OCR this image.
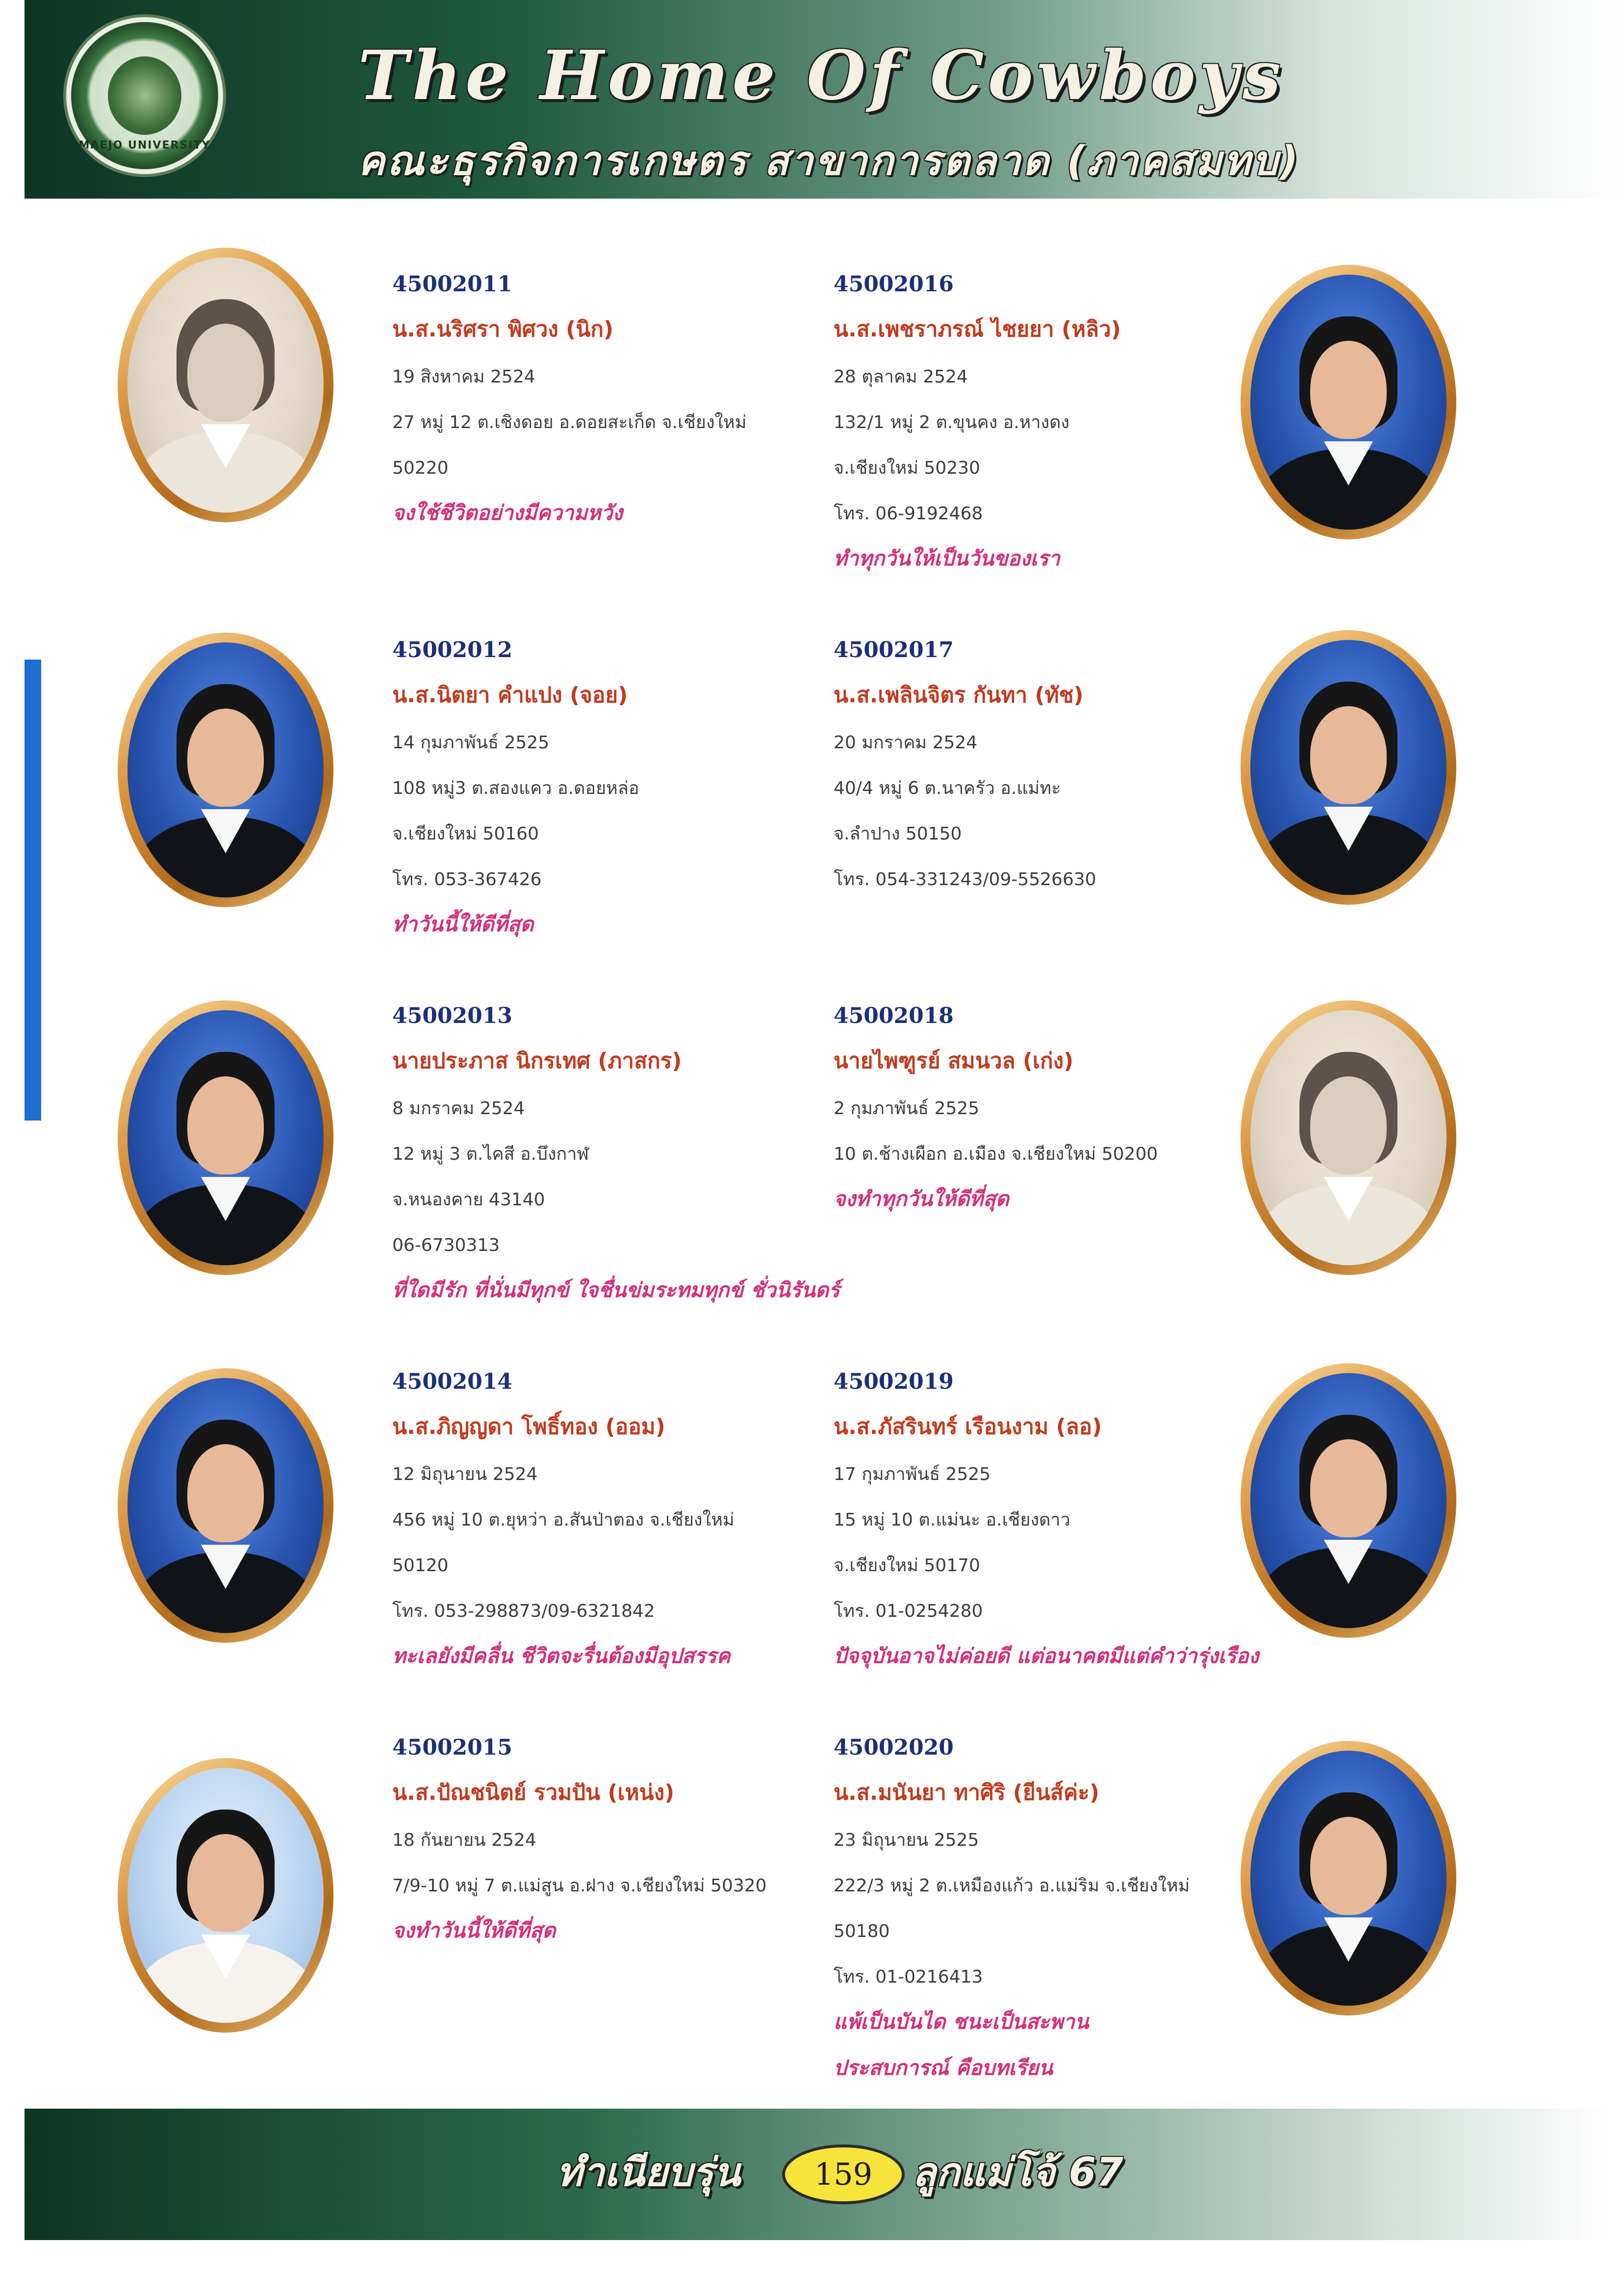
MAEJO UNIVERSITY
The Home Of Cowboys
คณะธุรกิจการเกษตร สาขาการตลาด (ภาคสมทบ)
45002011
น.ส.นริศรา พิศวง (นิก)
19 สิงหาคม 2524
27 หมู่ 12 ต.เชิงดอย อ.ดอยสะเก็ด จ.เชียงใหม่
50220
จงใช้ชีวิตอย่างมีความหวัง
45002016
น.ส.เพชราภรณ์ ไชยยา (หลิว)
28 ตุลาคม 2524
132/1 หมู่ 2 ต.ขุนคง อ.หางดง
จ.เชียงใหม่ 50230
โทร. 06-9192468
ทำทุกวันให้เป็นวันของเรา
45002012
น.ส.นิตยา คำแปง (จอย)
14 กุมภาพันธ์ 2525
108 หมู่3 ต.สองแคว อ.ดอยหล่อ
จ.เชียงใหม่ 50160
โทร. 053-367426
ทำวันนี้ให้ดีที่สุด
45002017
น.ส.เพลินจิตร กันทา (ทัช)
20 มกราคม 2524
40/4 หมู่ 6 ต.นาครัว อ.แม่ทะ
จ.ลำปาง 50150
โทร. 054-331243/09-5526630
45002013
นายประภาส นิกรเทศ (ภาสกร)
8 มกราคม 2524
12 หมู่ 3 ต.ไคสี อ.บึงกาฬ
จ.หนองคาย 43140
06-6730313
ที่ใดมีรัก ที่นั่นมีทุกข์ ใจชื่นข่มระทมทุกข์ ชั่วนิรันดร์
45002018
นายไพฑูรย์ สมนวล (เก่ง)
2 กุมภาพันธ์ 2525
10 ต.ช้างเผือก อ.เมือง จ.เชียงใหม่ 50200
จงทำทุกวันให้ดีที่สุด
45002014
น.ส.ภิญญดา โพธิ์ทอง (ออม)
12 มิถุนายน 2524
456 หมู่ 10 ต.ยุหว่า อ.สันป่าตอง จ.เชียงใหม่
50120
โทร. 053-298873/09-6321842
ทะเลยังมีคลื่น ชีวิตจะรื่นต้องมีอุปสรรค
45002019
น.ส.ภัสรินทร์ เรือนงาม (ลอ)
17 กุมภาพันธ์ 2525
15 หมู่ 10 ต.แม่นะ อ.เชียงดาว
จ.เชียงใหม่ 50170
โทร. 01-0254280
ปัจจุบันอาจไม่ค่อยดี แต่อนาคตมีแต่คำว่ารุ่งเรือง
45002015
น.ส.ปัณชนิตย์ รวมปัน (เหน่ง)
18 กันยายน 2524
7/9-10 หมู่ 7 ต.แม่สูน อ.ฝาง จ.เชียงใหม่ 50320
จงทำวันนี้ให้ดีที่สุด
45002020
น.ส.มนันยา ทาศิริ (ยีนส์ค่ะ)
23 มิถุนายน 2525
222/3 หมู่ 2 ต.เหมืองแก้ว อ.แม่ริม จ.เชียงใหม่
50180
โทร. 01-0216413
แพ้เป็นบันได ชนะเป็นสะพาน
ประสบการณ์ คือบทเรียน
ทำเนียบรุ่น	159	ลูกแม่โจ้ 67
